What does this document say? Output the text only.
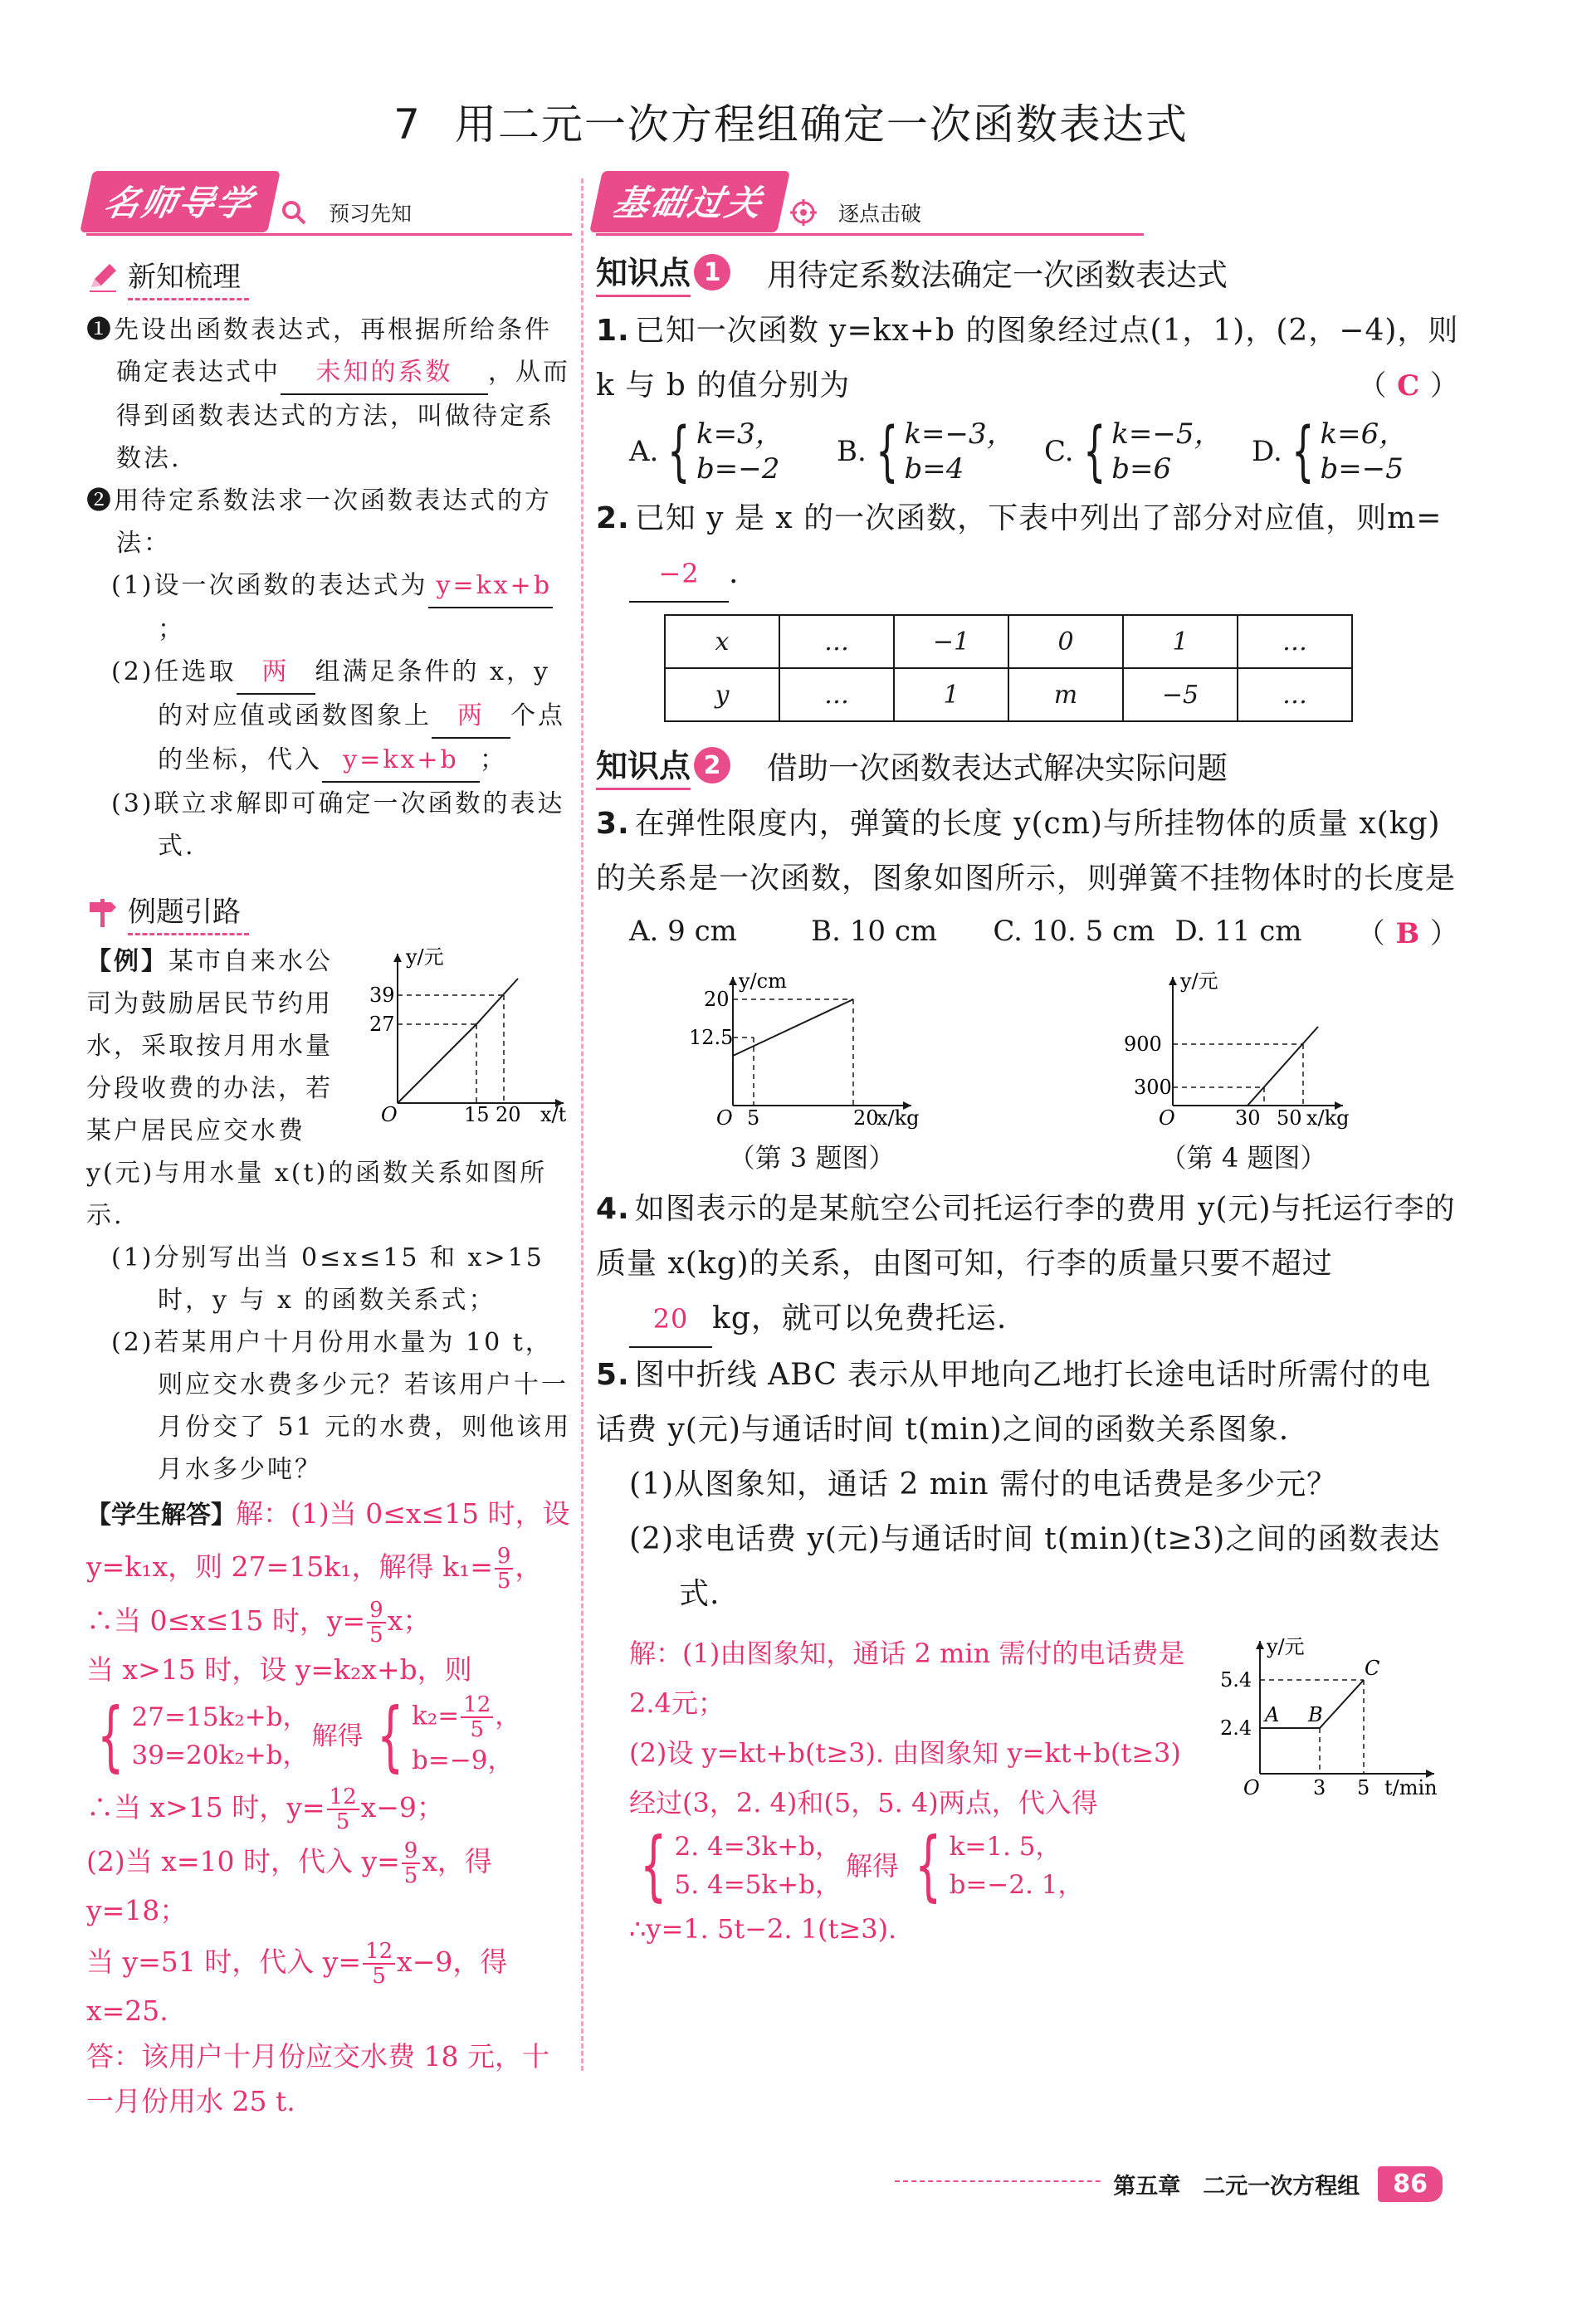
7 用二元一次方程组确定一次函数表达式
名师导学	预习先知
新知梳理
❶先设出函数表达式，再根据所给条件确定表达式中 未知的系数 ，从而得到函数表达式的方法，叫做待定系数法.
❷用待定系数法求一次函数表达式的方法：
(1)设一次函数的表达式为 y=kx+b；
(2)任选取 两 组满足条件的 x，y 的对应值或函数图象上 两 个点的坐标，代入 y=kx+b ；
(3)联立求解即可确定一次函数的表达式.
例题引路
y/元
x/t
O
39
27
15 20
【例】某市自来水公司为鼓励居民节约用水，采取按月用水量分段收费的办法，若某户居民应交水费 y(元)与用水量 x(t)的函数关系如图所示.
(1)分别写出当 0≤x≤15 和 x>15 时，y 与 x 的函数关系式；
(2)若某用户十月份用水量为 10 t，则应交水费多少元？若该用户十一月份交了 51 元的水费，则他该用月水多少吨？
【学生解答】解：(1)当 0≤x≤15 时，设
y=k₁x，则 27=15k₁，解得 $k_1= \frac{9}{5}$ ，
∴当 0≤x≤15 时，$y= \frac{9}{5}$ x；
当 x>15 时，设 y=k₂x+b，则
{ 27=15k₂+b，
39=20k₂+b，
解得 { $k_2= \frac{12}{5}$ ，
b=−9，
∴当 x>15 时，$y= \frac{12}{5} x-9$；
(2)当 x=10 时，代入 $y= \frac{9}{5}$ x，得 y=18；
当 y=51 时，代入 $y= \frac{12}{5} x-9$，得 x=25.
答：该用户十月份应交水费 18 元，十一月份用水 25 t.
基础过关	逐点击破
知识点 1	用待定系数法确定一次函数表达式
1. 已知一次函数 y=kx+b 的图象经过点(1，1)，(2，−4)，则 k 与 b 的值分别为	（ C ）
A. { k=3，
b=−2
B. { k=−3，
b=4
C. { k=−5，
b=6
D. { k=6，
b=−5
2. 已知 y 是 x 的一次函数，下表中列出了部分对应值，则m=
−2 .
x	…	−1	0	1	…
y	…	1	m	−5	…
知识点 2	借助一次函数表达式解决实际问题
3. 在弹性限度内，弹簧的长度 y(cm)与所挂物体的质量 x(kg)的关系是一次函数，图象如图所示，则弹簧不挂物体时的长度是
（ B ）
A. 9 cm	B. 10 cm	C. 10. 5 cm D. 11 cm
y/cm
20
x/kg
O 5
20
12.5
（第 3 题图）
y/元
900
300
O	30 50 x/kg
（第 4 题图）
4. 如图表示的是某航空公司托运行李的费用 y(元)与托运行李的质量 x(kg)的关系，由图可知，行李的质量只要不超过
20 kg，就可以免费托运.
5. 图中折线 ABC 表示从甲地向乙地打长途电话时所需付的电话费 y(元)与通话时间 t(min)之间的函数关系图象.
(1)从图象知，通话 2 min 需付的电话费是多少元？
(2)求电话费 y(元)与通话时间 t(min)(t≥3)之间的函数表达式.
y/元
5.4
2.4
A B
C
O	3 5 t/min
解：(1)由图象知，通话 2 min 需付的电话费是2.4元；
(2)设 y=kt+b(t≥3). 由图象知 y=kt+b(t≥3)经过(3，2. 4)和(5，5. 4)两点，代入得
{ 2. 4=3k+b，
5. 4=5k+b，
解得 { k=1. 5，
b=−2. 1，
∴y=1. 5t−2. 1(t≥3).
第五章　二元一次方程组	86
